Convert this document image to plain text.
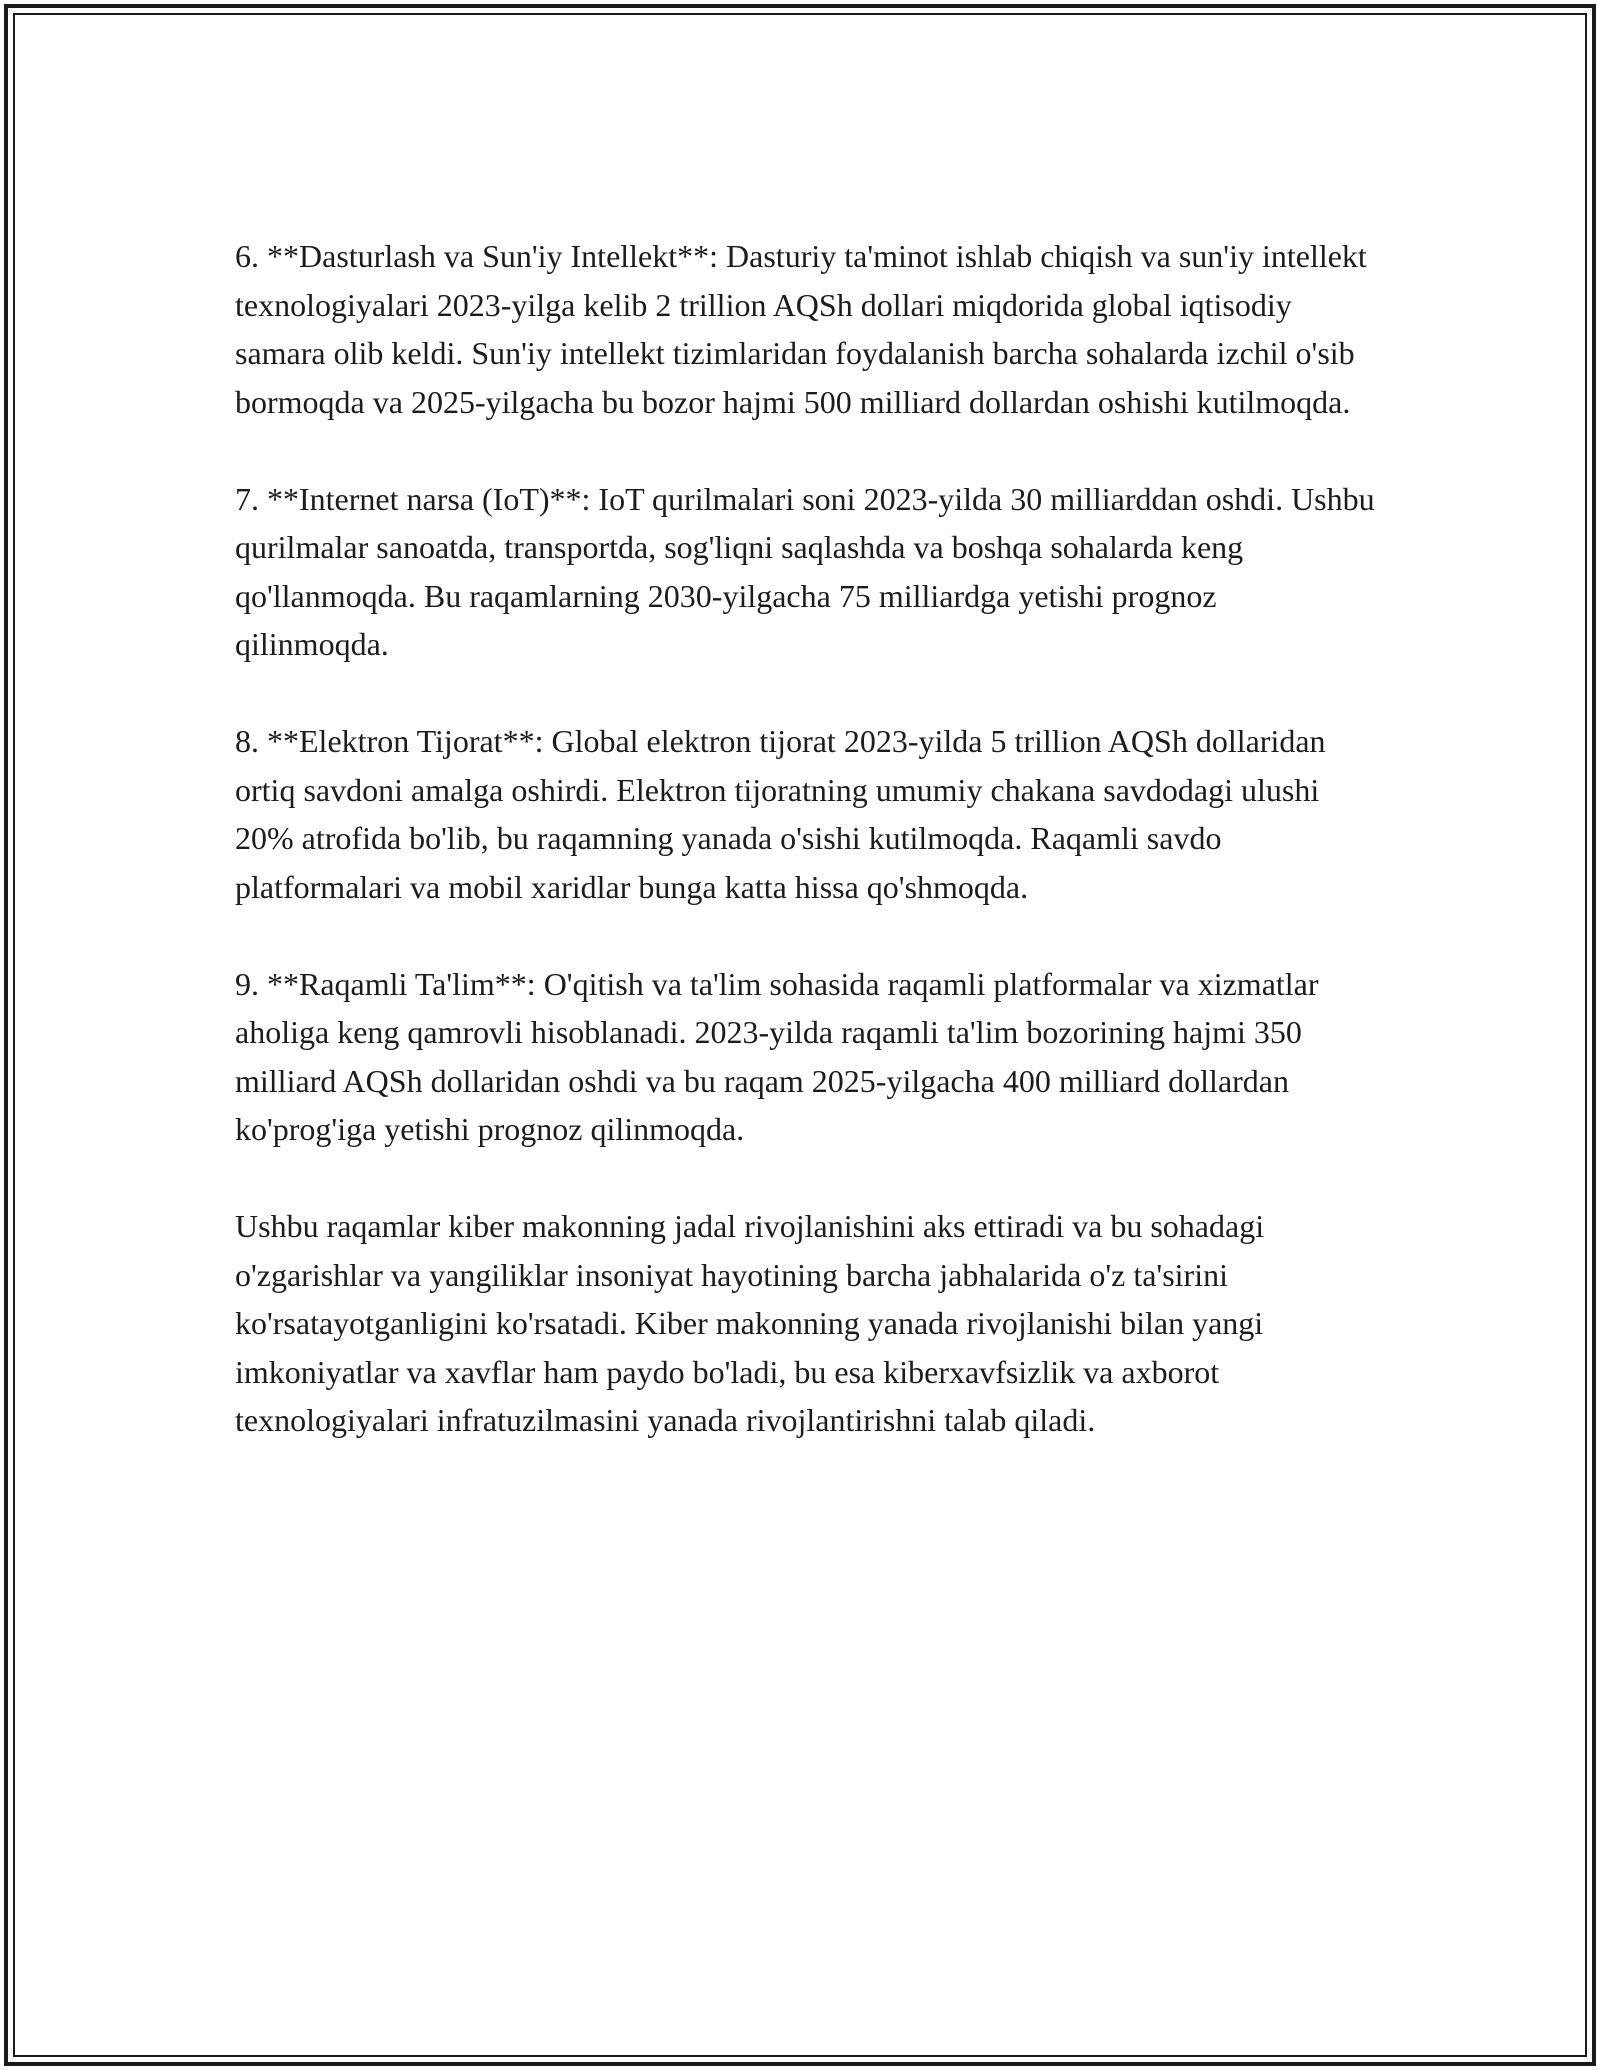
6. **Dasturlash va Sun'iy Intellekt**: Dasturiy ta'minot ishlab chiqish va sun'iy intellekt texnologiyalari 2023-yilga kelib 2 trillion AQSh dollari miqdorida global iqtisodiy samara olib keldi. Sun'iy intellekt tizimlaridan foydalanish barcha sohalarda izchil o'sib bormoqda va 2025-yilgacha bu bozor hajmi 500 milliard dollardan oshishi kutilmoqda.

7. **Internet narsa (IoT)**: IoT qurilmalari soni 2023-yilda 30 milliarddan oshdi. Ushbu qurilmalar sanoatda, transportda, sog'liqni saqlashda va boshqa sohalarda keng qo'llanmoqda. Bu raqamlarning 2030-yilgacha 75 milliardga yetishi prognoz qilinmoqda.

8. **Elektron Tijorat**: Global elektron tijorat 2023-yilda 5 trillion AQSh dollaridan ortiq savdoni amalga oshirdi. Elektron tijoratning umumiy chakana savdodagi ulushi 20% atrofida bo'lib, bu raqamning yanada o'sishi kutilmoqda. Raqamli savdo platformalari va mobil xaridlar bunga katta hissa qo'shmoqda.

9. **Raqamli Ta'lim**: O'qitish va ta'lim sohasida raqamli platformalar va xizmatlar aholiga keng qamrovli hisoblanadi. 2023-yilda raqamli ta'lim bozorining hajmi 350 milliard AQSh dollaridan oshdi va bu raqam 2025-yilgacha 400 milliard dollardan ko'prog'iga yetishi prognoz qilinmoqda.

Ushbu raqamlar kiber makonning jadal rivojlanishini aks ettiradi va bu sohadagi o'zgarishlar va yangiliklar insoniyat hayotining barcha jabhalarida o'z ta'sirini ko'rsatayotganligini ko'rsatadi. Kiber makonning yanada rivojlanishi bilan yangi imkoniyatlar va xavflar ham paydo bo'ladi, bu esa kiberxavfsizlik va axborot texnologiyalari infratuzilmasini yanada rivojlantirishni talab qiladi.
